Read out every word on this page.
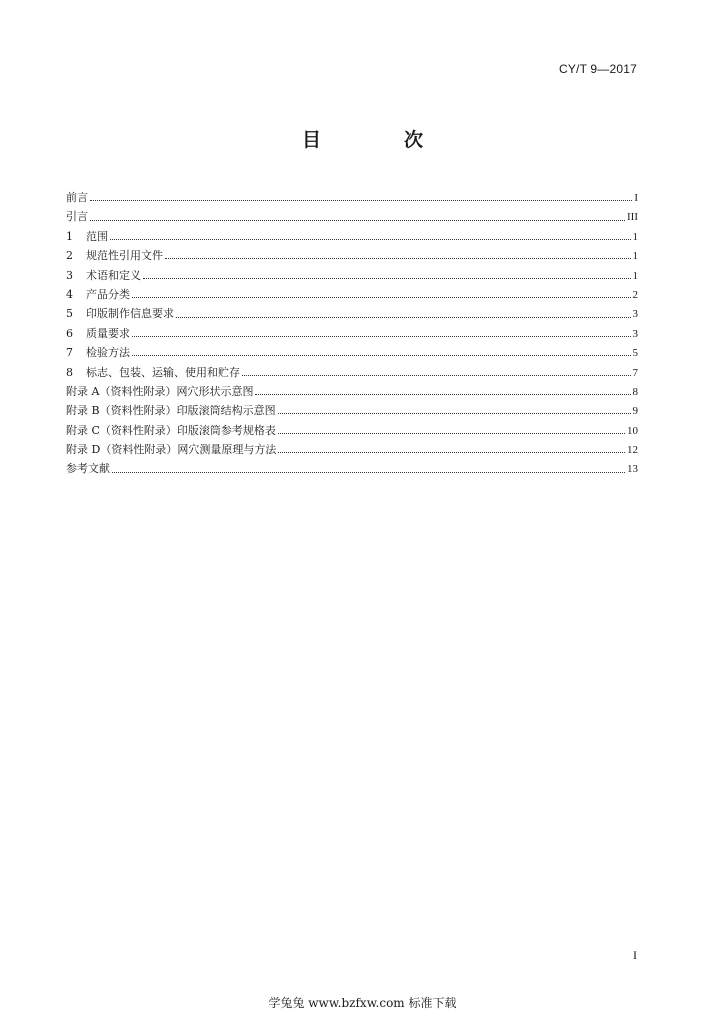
CY/T 9—2017
目　次
前言	I
引言	III
1	范围	1
2	规范性引用文件	1
3	术语和定义	1
4	产品分类	2
5	印版制作信息要求	3
6	质量要求	3
7	检验方法	5
8	标志、包装、运输、使用和贮存	7
附录 A（资料性附录）网穴形状示意图	8
附录 B（资料性附录）印版滚筒结构示意图	9
附录 C（资料性附录）印版滚筒参考规格表	10
附录 D（资料性附录）网穴测量原理与方法	12
参考文献	13
I
学兔兔 www.bzfxw.com 标准下载
